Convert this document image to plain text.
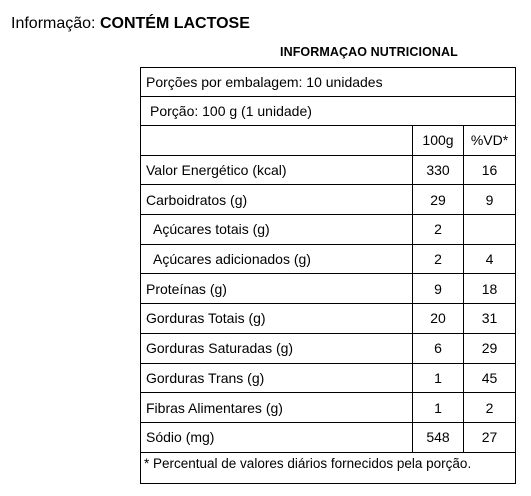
Informação: CONTÉM LACTOSE
INFORMAÇAO NUTRICIONAL
Porções por embalagem: 10 unidades		
Porção: 100 g (1 unidade)		
	100g	%VD*
Valor Energético (kcal)	330	16
Carboidratos (g)	29	9
Açúcares totais (g)	2	
Açúcares adicionados (g)	2	4
Proteínas (g)	9	18
Gorduras Totais (g)	20	31
Gorduras Saturadas (g)	6	29
Gorduras Trans (g)	1	45
Fibras Alimentares (g)	1	2
Sódio (mg)	548	27
* Percentual de valores diários fornecidos pela porção.		
